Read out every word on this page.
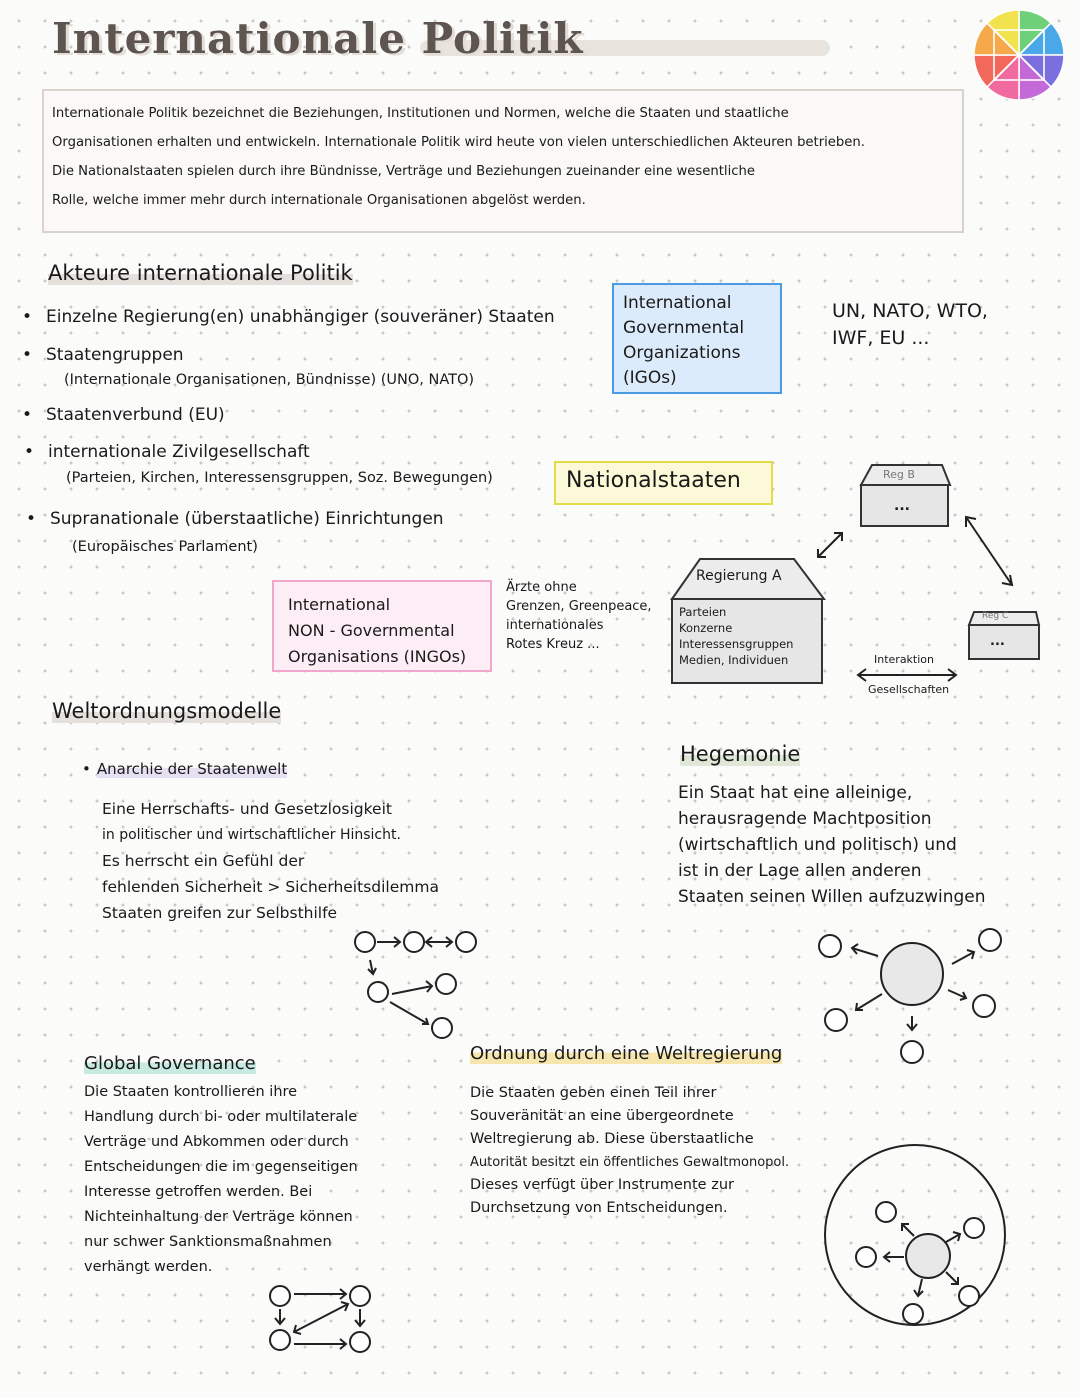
Internationale Politik

Internationale Politik bezeichnet die Beziehungen, Institutionen und Normen, welche die Staaten und staatliche

Organisationen erhalten und entwickeln. Internationale Politik wird heute von vielen unterschiedlichen Akteuren betrieben.

Die Nationalstaaten spielen durch ihre Bündnisse, Verträge und Beziehungen zueinander eine wesentliche

Rolle, welche immer mehr durch internationale Organisationen abgelöst werden.

Akteure internationale Politik
• Einzelne Regierung(en) unabhängiger (souveräner) Staaten
• Staatengruppen
(Internationale Organisationen, Bündnisse) (UNO, NATO)
• Staatenverbund (EU)
• internationale Zivilgesellschaft
(Parteien, Kirchen, Interessensgruppen, Soz. Bewegungen)
• Supranationale (überstaatliche) Einrichtungen
(Europäisches Parlament)
International
Governmental
Organizations
(IGOs)
UN, NATO, WTO,
IWF, EU ...
Nationalstaaten
International
NON - Governmental
Organisations (INGOs)
Ärzte ohne
Grenzen, Greenpeace,
internationales
Rotes Kreuz ...
Regierung A
Parteien
Konzerne
Interessensgruppen
Medien, Individuen
Reg B
...
Reg C
...
Interaktion
Gesellschaften
Weltordnungsmodelle
• Anarchie der Staatenwelt
Eine Herrschafts- und Gesetzlosigkeit
in politischer und wirtschaftlicher Hinsicht.
Es herrscht ein Gefühl der
fehlenden Sicherheit > Sicherheitsdilemma
Staaten greifen zur Selbsthilfe
Hegemonie
Ein Staat hat eine alleinige,
herausragende Machtposition
(wirtschaftlich und politisch) und
ist in der Lage allen anderen
Staaten seinen Willen aufzuzwingen
Global Governance
Die Staaten kontrollieren ihre
Handlung durch bi- oder multilaterale
Verträge und Abkommen oder durch
Entscheidungen die im gegenseitigen
Interesse getroffen werden. Bei
Nichteinhaltung der Verträge können
nur schwer Sanktionsmaßnahmen
verhängt werden.
Ordnung durch eine Weltregierung
Die Staaten geben einen Teil ihrer
Souveränität an eine übergeordnete
Weltregierung ab. Diese überstaatliche
Autorität besitzt ein öffentliches Gewaltmonopol.
Dieses verfügt über Instrumente zur
Durchsetzung von Entscheidungen.
